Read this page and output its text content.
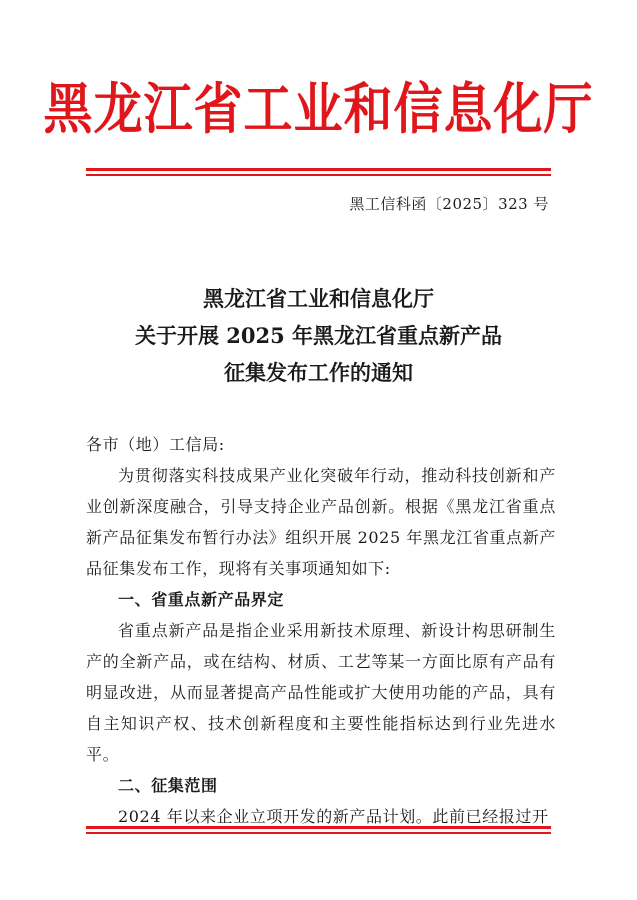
黑龙江省工业和信息化厅
黑工信科函〔2025〕323 号
黑龙江省工业和信息化厅
关于开展 2025 年黑龙江省重点新产品
征集发布工作的通知
各市（地）工信局:

为贯彻落实科技成果产业化突破年行动，推动科技创新和产业创新深度融合，引导支持企业产品创新。根据《黑龙江省重点新产品征集发布暂行办法》组织开展 2025 年黑龙江省重点新产品征集发布工作，现将有关事项通知如下:

一、省重点新产品界定

省重点新产品是指企业采用新技术原理、新设计构思研制生产的全新产品，或在结构、材质、工艺等某一方面比原有产品有明显改进，从而显著提高产品性能或扩大使用功能的产品，具有自主知识产权、技术创新程度和主要性能指标达到行业先进水平。

二、征集范围

2024 年以来企业立项开发的新产品计划。此前已经报过开
